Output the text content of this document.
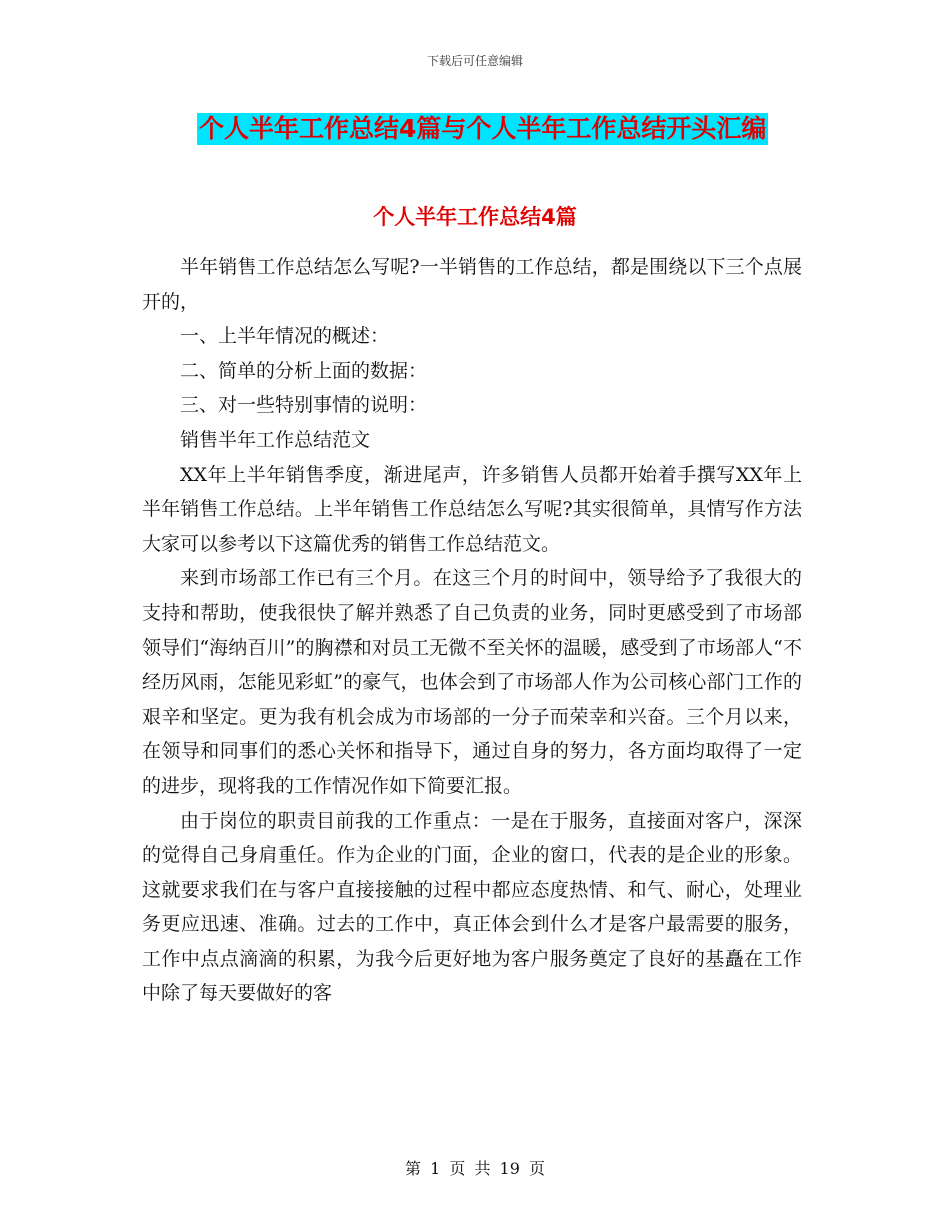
下载后可任意编辑
个人半年工作总结4篇与个人半年工作总结开头汇编
个人半年工作总结4篇

半年销售工作总结怎么写呢?一半销售的工作总结，都是围绕以下三个点展开的，

一、上半年情况的概述：

二、简单的分析上面的数据：

三、对一些特别事情的说明：

销售半年工作总结范文

XX年上半年销售季度，渐进尾声，许多销售人员都开始着手撰写XX年上半年销售工作总结。上半年销售工作总结怎么写呢?其实很简单，具情写作方法大家可以参考以下这篇优秀的销售工作总结范文。

来到市场部工作已有三个月。在这三个月的时间中，领导给予了我很大的支持和帮助，使我很快了解并熟悉了自己负责的业务，同时更感受到了市场部领导们“海纳百川”的胸襟和对员工无微不至关怀的温暖，感受到了市场部人“不经历风雨，怎能见彩虹”的豪气，也体会到了市场部人作为公司核心部门工作的艰辛和坚定。更为我有机会成为市场部的一分子而荣幸和兴奋。三个月以来，在领导和同事们的悉心关怀和指导下，通过自身的努力，各方面均取得了一定的进步，现将我的工作情况作如下简要汇报。

由于岗位的职责目前我的工作重点：一是在于服务，直接面对客户，深深的觉得自己身肩重任。作为企业的门面，企业的窗口，代表的是企业的形象。这就要求我们在与客户直接接触的过程中都应态度热情、和气、耐心，处理业务更应迅速、准确。过去的工作中，真正体会到什么才是客户最需要的服务，工作中点点滴滴的积累，为我今后更好地为客户服务奠定了良好的基矗在工作中除了每天要做好的客

第 1 页 共 19 页
